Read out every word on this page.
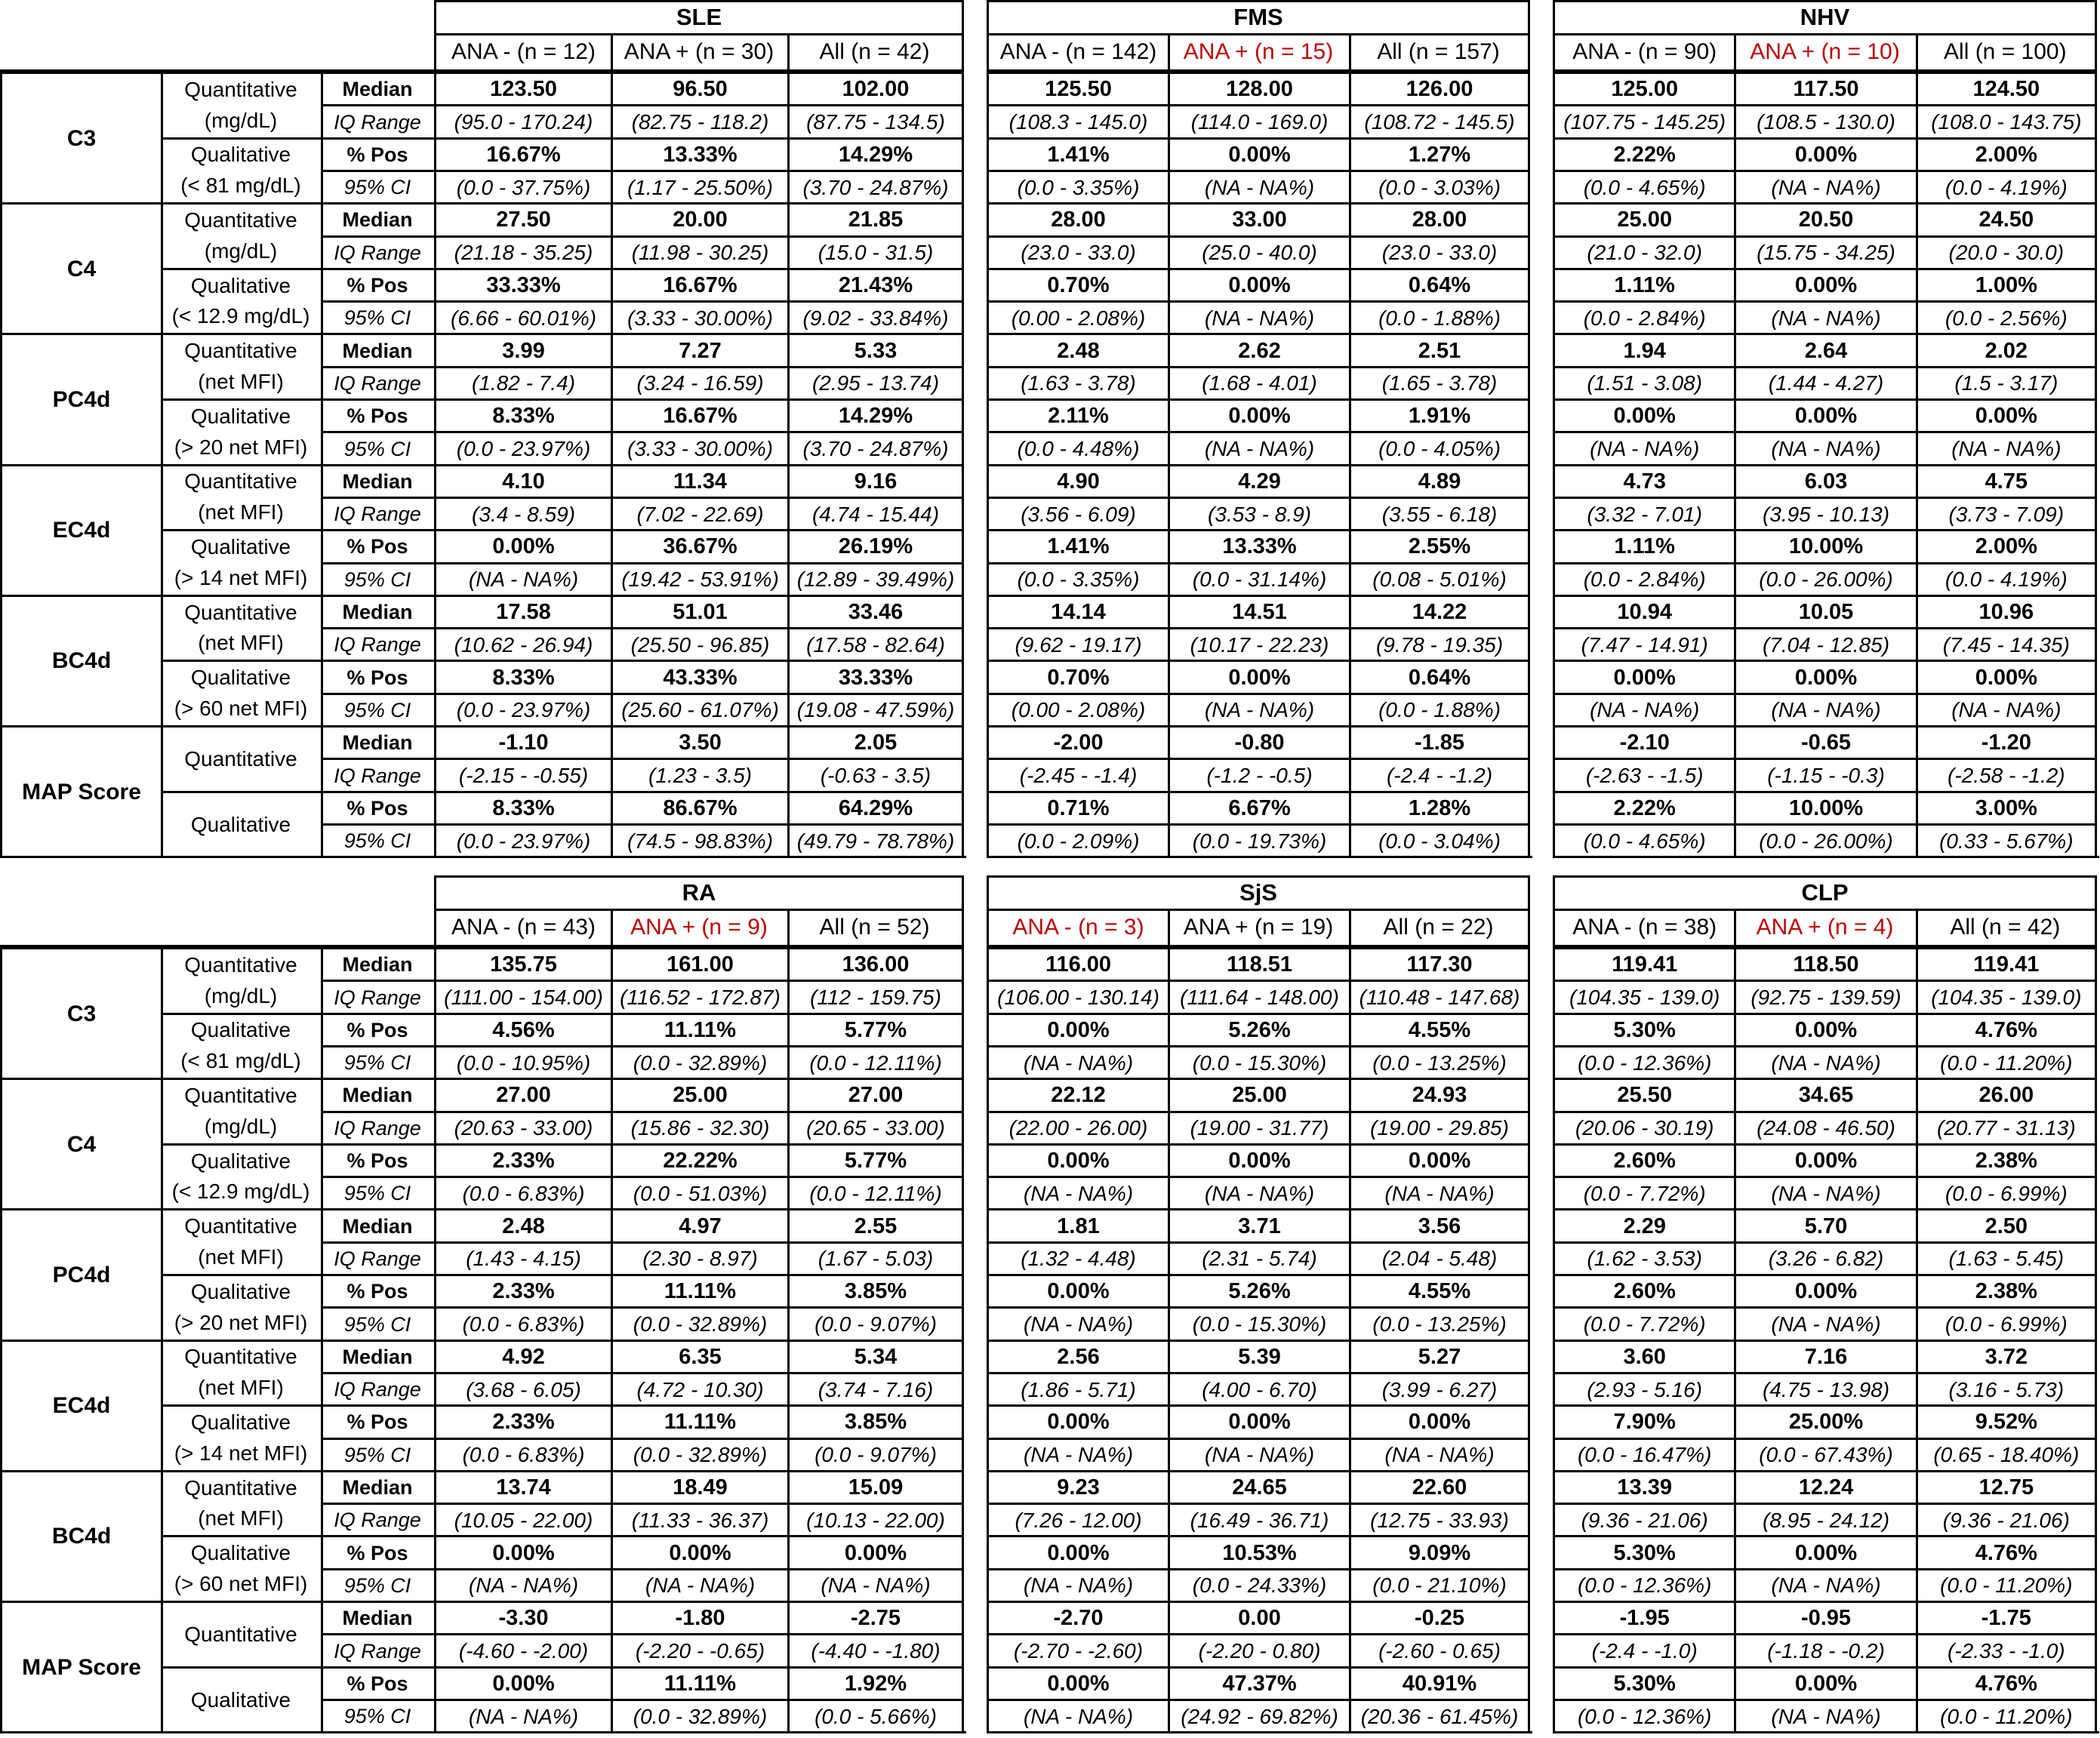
SLE
ANA - (n = 12)	ANA + (n = 30)	All (n = 42)
FMS
ANA - (n = 142)	ANA + (n = 15)	All (n = 157)
NHV
ANA - (n = 90)	ANA + (n = 10)	All (n = 100)
C3
Quantitative
(mg/dL)
Median	123.50	96.50	102.00	125.50	128.00	126.00	125.00	117.50	124.50
IQ Range	(95.0 - 170.24)	(82.75 - 118.2)	(87.75 - 134.5)	(108.3 - 145.0)	(114.0 - 169.0)	(108.72 - 145.5)	(107.75 - 145.25)	(108.5 - 130.0)	(108.0 - 143.75)
Qualitative
(< 81 mg/dL)
% Pos	16.67%	13.33%	14.29%	1.41%	0.00%	1.27%	2.22%	0.00%	2.00%
95% CI	(0.0 - 37.75%)	(1.17 - 25.50%)	(3.70 - 24.87%)	(0.0 - 3.35%)	(NA - NA%)	(0.0 - 3.03%)	(0.0 - 4.65%)	(NA - NA%)	(0.0 - 4.19%)
C4
Quantitative
(mg/dL)
Median	27.50	20.00	21.85	28.00	33.00	28.00	25.00	20.50	24.50
IQ Range	(21.18 - 35.25)	(11.98 - 30.25)	(15.0 - 31.5)	(23.0 - 33.0)	(25.0 - 40.0)	(23.0 - 33.0)	(21.0 - 32.0)	(15.75 - 34.25)	(20.0 - 30.0)
Qualitative
(< 12.9 mg/dL)
% Pos	33.33%	16.67%	21.43%	0.70%	0.00%	0.64%	1.11%	0.00%	1.00%
95% CI	(6.66 - 60.01%)	(3.33 - 30.00%)	(9.02 - 33.84%)	(0.00 - 2.08%)	(NA - NA%)	(0.0 - 1.88%)	(0.0 - 2.84%)	(NA - NA%)	(0.0 - 2.56%)
PC4d
Quantitative
(net MFI)
Median	3.99	7.27	5.33	2.48	2.62	2.51	1.94	2.64	2.02
IQ Range	(1.82 - 7.4)	(3.24 - 16.59)	(2.95 - 13.74)	(1.63 - 3.78)	(1.68 - 4.01)	(1.65 - 3.78)	(1.51 - 3.08)	(1.44 - 4.27)	(1.5 - 3.17)
Qualitative
(> 20 net MFI)
% Pos	8.33%	16.67%	14.29%	2.11%	0.00%	1.91%	0.00%	0.00%	0.00%
95% CI	(0.0 - 23.97%)	(3.33 - 30.00%)	(3.70 - 24.87%)	(0.0 - 4.48%)	(NA - NA%)	(0.0 - 4.05%)	(NA - NA%)	(NA - NA%)	(NA - NA%)
EC4d
Quantitative
(net MFI)
Median	4.10	11.34	9.16	4.90	4.29	4.89	4.73	6.03	4.75
IQ Range	(3.4 - 8.59)	(7.02 - 22.69)	(4.74 - 15.44)	(3.56 - 6.09)	(3.53 - 8.9)	(3.55 - 6.18)	(3.32 - 7.01)	(3.95 - 10.13)	(3.73 - 7.09)
Qualitative
(> 14 net MFI)
% Pos	0.00%	36.67%	26.19%	1.41%	13.33%	2.55%	1.11%	10.00%	2.00%
95% CI	(NA - NA%)	(19.42 - 53.91%) (12.89 - 39.49%)	(0.0 - 3.35%)	(0.0 - 31.14%)	(0.08 - 5.01%)	(0.0 - 2.84%)	(0.0 - 26.00%)	(0.0 - 4.19%)
BC4d
Quantitative
(net MFI)
Median	17.58	51.01	33.46	14.14	14.51	14.22	10.94	10.05	10.96
IQ Range	(10.62 - 26.94)	(25.50 - 96.85)	(17.58 - 82.64)	(9.62 - 19.17)	(10.17 - 22.23)	(9.78 - 19.35)	(7.47 - 14.91)	(7.04 - 12.85)	(7.45 - 14.35)
Qualitative
(> 60 net MFI)
% Pos	8.33%	43.33%	33.33%	0.70%	0.00%	0.64%	0.00%	0.00%	0.00%
95% CI	(0.0 - 23.97%)	(25.60 - 61.07%) (19.08 - 47.59%)	(0.00 - 2.08%)	(NA - NA%)	(0.0 - 1.88%)	(NA - NA%)	(NA - NA%)	(NA - NA%)
MAP Score
Quantitative
Median	-1.10	3.50	2.05	-2.00	-0.80	-1.85	-2.10	-0.65	-1.20
IQ Range	(-2.15 - -0.55)	(1.23 - 3.5)	(-0.63 - 3.5)	(-2.45 - -1.4)	(-1.2 - -0.5)	(-2.4 - -1.2)	(-2.63 - -1.5)	(-1.15 - -0.3)	(-2.58 - -1.2)
Qualitative
% Pos	8.33%	86.67%	64.29%	0.71%	6.67%	1.28%	2.22%	10.00%	3.00%
95% CI	(0.0 - 23.97%)	(74.5 - 98.83%)	(49.79 - 78.78%)	(0.0 - 2.09%)	(0.0 - 19.73%)	(0.0 - 3.04%)	(0.0 - 4.65%)	(0.0 - 26.00%)	(0.33 - 5.67%)
RA
ANA - (n = 43)	ANA + (n = 9)	All (n = 52)
SjS
ANA - (n = 3)	ANA + (n = 19)	All (n = 22)
CLP
ANA - (n = 38)	ANA + (n = 4)	All (n = 42)
C3
Quantitative
(mg/dL)
Median	135.75	161.00	136.00	116.00	118.51	117.30	119.41	118.50	119.41
IQ Range	(111.00 - 154.00) (116.52 - 172.87)	(112 - 159.75)	(106.00 - 130.14) (111.64 - 148.00) (110.48 - 147.68)	(104.35 - 139.0)	(92.75 - 139.59)	(104.35 - 139.0)
Qualitative
(< 81 mg/dL)
% Pos	4.56%	11.11%	5.77%	0.00%	5.26%	4.55%	5.30%	0.00%	4.76%
95% CI	(0.0 - 10.95%)	(0.0 - 32.89%)	(0.0 - 12.11%)	(NA - NA%)	(0.0 - 15.30%)	(0.0 - 13.25%)	(0.0 - 12.36%)	(NA - NA%)	(0.0 - 11.20%)
C4
Quantitative
(mg/dL)
Median	27.00	25.00	27.00	22.12	25.00	24.93	25.50	34.65	26.00
IQ Range	(20.63 - 33.00)	(15.86 - 32.30)	(20.65 - 33.00)	(22.00 - 26.00)	(19.00 - 31.77)	(19.00 - 29.85)	(20.06 - 30.19)	(24.08 - 46.50)	(20.77 - 31.13)
Qualitative
(< 12.9 mg/dL)
% Pos	2.33%	22.22%	5.77%	0.00%	0.00%	0.00%	2.60%	0.00%	2.38%
95% CI	(0.0 - 6.83%)	(0.0 - 51.03%)	(0.0 - 12.11%)	(NA - NA%)	(NA - NA%)	(NA - NA%)	(0.0 - 7.72%)	(NA - NA%)	(0.0 - 6.99%)
PC4d
Quantitative
(net MFI)
Median	2.48	4.97	2.55	1.81	3.71	3.56	2.29	5.70	2.50
IQ Range	(1.43 - 4.15)	(2.30 - 8.97)	(1.67 - 5.03)	(1.32 - 4.48)	(2.31 - 5.74)	(2.04 - 5.48)	(1.62 - 3.53)	(3.26 - 6.82)	(1.63 - 5.45)
Qualitative
(> 20 net MFI)
% Pos	2.33%	11.11%	3.85%	0.00%	5.26%	4.55%	2.60%	0.00%	2.38%
95% CI	(0.0 - 6.83%)	(0.0 - 32.89%)	(0.0 - 9.07%)	(NA - NA%)	(0.0 - 15.30%)	(0.0 - 13.25%)	(0.0 - 7.72%)	(NA - NA%)	(0.0 - 6.99%)
EC4d
Quantitative
(net MFI)
Median	4.92	6.35	5.34	2.56	5.39	5.27	3.60	7.16	3.72
IQ Range	(3.68 - 6.05)	(4.72 - 10.30)	(3.74 - 7.16)	(1.86 - 5.71)	(4.00 - 6.70)	(3.99 - 6.27)	(2.93 - 5.16)	(4.75 - 13.98)	(3.16 - 5.73)
Qualitative
(> 14 net MFI)
% Pos	2.33%	11.11%	3.85%	0.00%	0.00%	0.00%	7.90%	25.00%	9.52%
95% CI	(0.0 - 6.83%)	(0.0 - 32.89%)	(0.0 - 9.07%)	(NA - NA%)	(NA - NA%)	(NA - NA%)	(0.0 - 16.47%)	(0.0 - 67.43%)	(0.65 - 18.40%)
BC4d
Quantitative
(net MFI)
Median	13.74	18.49	15.09	9.23	24.65	22.60	13.39	12.24	12.75
IQ Range	(10.05 - 22.00)	(11.33 - 36.37)	(10.13 - 22.00)	(7.26 - 12.00)	(16.49 - 36.71)	(12.75 - 33.93)	(9.36 - 21.06)	(8.95 - 24.12)	(9.36 - 21.06)
Qualitative
(> 60 net MFI)
% Pos	0.00%	0.00%	0.00%	0.00%	10.53%	9.09%	5.30%	0.00%	4.76%
95% CI	(NA - NA%)	(NA - NA%)	(NA - NA%)	(NA - NA%)	(0.0 - 24.33%)	(0.0 - 21.10%)	(0.0 - 12.36%)	(NA - NA%)	(0.0 - 11.20%)
MAP Score
Quantitative
Median	-3.30	-1.80	-2.75	-2.70	0.00	-0.25	-1.95	-0.95	-1.75
IQ Range	(-4.60 - -2.00)	(-2.20 - -0.65)	(-4.40 - -1.80)	(-2.70 - -2.60)	(-2.20 - 0.80)	(-2.60 - 0.65)	(-2.4 - -1.0)	(-1.18 - -0.2)	(-2.33 - -1.0)
Qualitative
% Pos	0.00%	11.11%	1.92%	0.00%	47.37%	40.91%	5.30%	0.00%	4.76%
95% CI	(NA - NA%)	(0.0 - 32.89%)	(0.0 - 5.66%)	(NA - NA%)	(24.92 - 69.82%)	(20.36 - 61.45%)	(0.0 - 12.36%)	(NA - NA%)	(0.0 - 11.20%)
